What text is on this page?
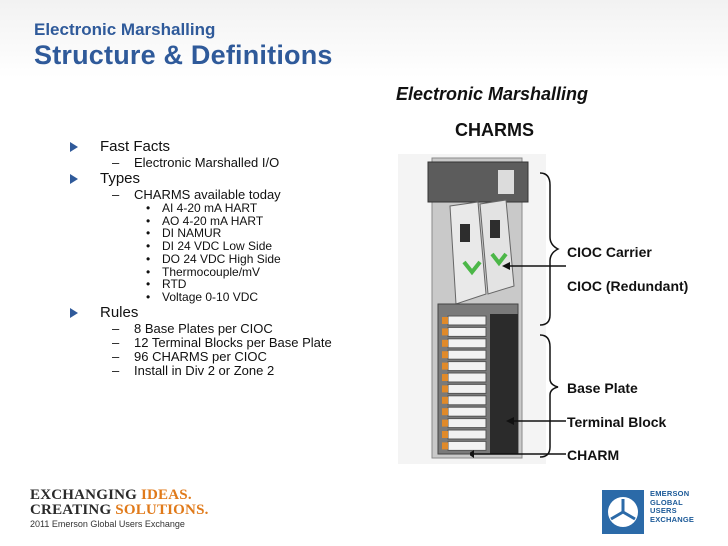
Electronic Marshalling
Structure & Definitions
Electronic Marshalling
CHARMS

Fast Facts

– Electronic Marshalled I/O

Types

– CHARMS available today

• AI 4-20 mA HART

• AO 4-20 mA HART

• DI NAMUR

• DI 24 VDC Low Side

• DO 24 VDC High Side

• Thermocouple/mV

• RTD

• Voltage 0-10 VDC

Rules

– 8 Base Plates per CIOC

– 12 Terminal Blocks per Base Plate

– 96 CHARMS per CIOC

– Install in Div 2 or Zone 2

CIOC Carrier
CIOC (Redundant)
Base Plate
Terminal Block
CHARM
EXCHANGING IDEAS.
CREATING SOLUTIONS.
2011 Emerson Global Users Exchange
EMERSON
GLOBAL
USERS
EXCHANGE
